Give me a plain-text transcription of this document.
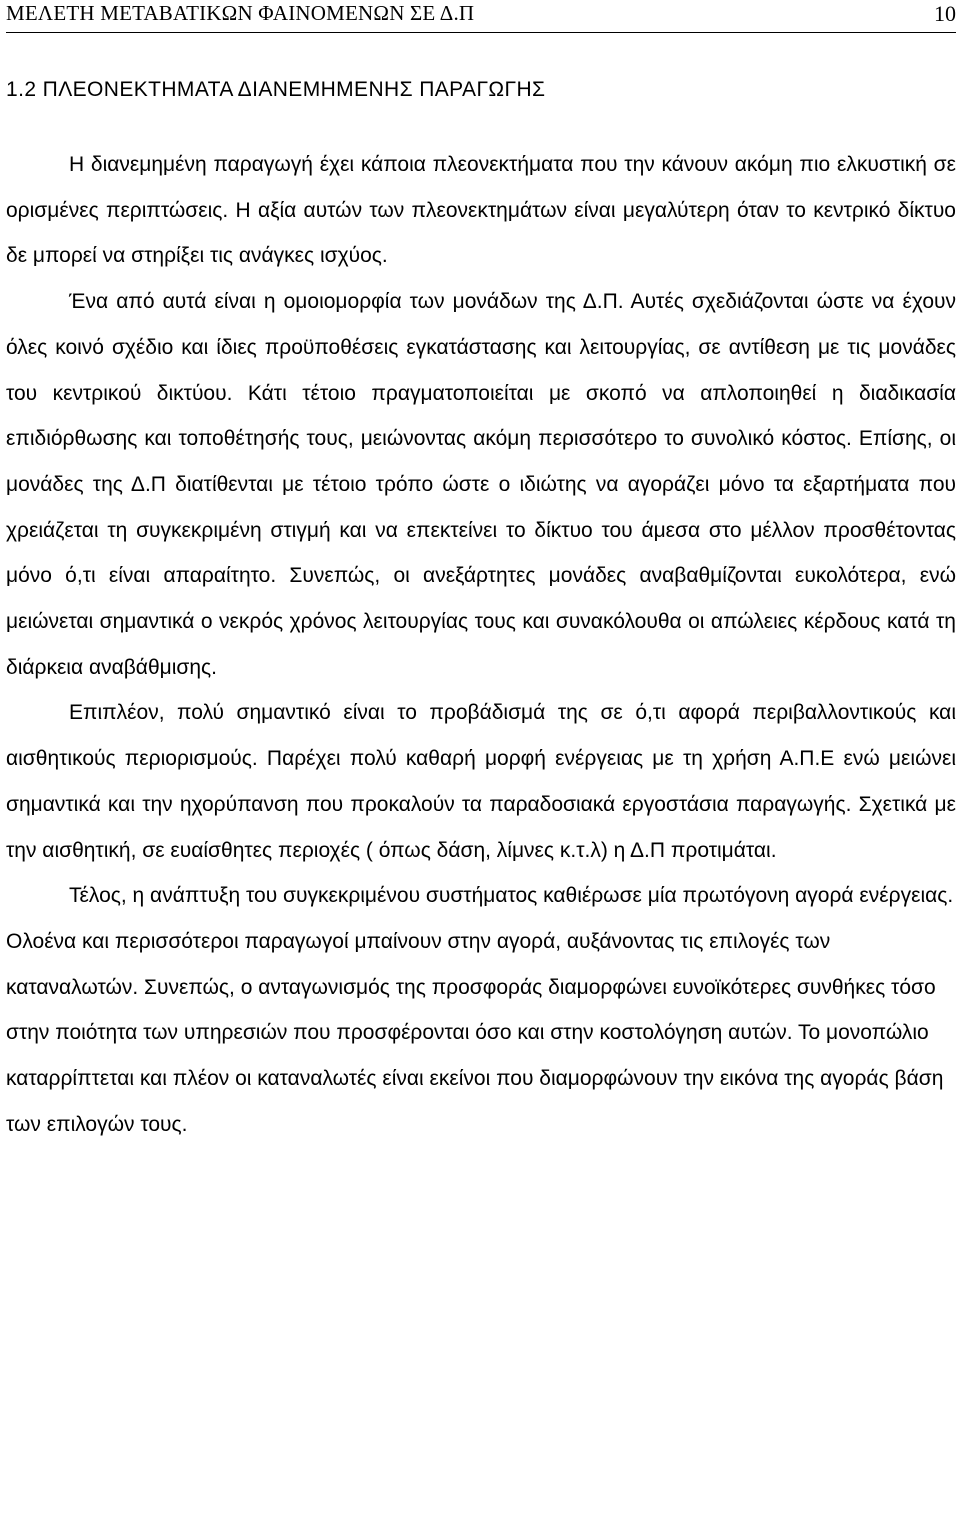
ΜΕΛΕΤΗ ΜΕΤΑΒΑΤΙΚΩΝ ΦΑΙΝΟΜΕΝΩΝ ΣΕ Δ.Π	10
1.2 ΠΛΕΟΝΕΚΤΗΜΑΤΑ ΔΙΑΝΕΜΗΜΕΝΗΣ ΠΑΡΑΓΩΓΗΣ

Η διανεμημένη παραγωγή έχει κάποια πλεονεκτήματα που την κάνουν ακόμη πιο ελκυστική σε ορισμένες περιπτώσεις. Η αξία αυτών των πλεονεκτημάτων είναι μεγαλύτερη όταν το κεντρικό δίκτυο δε μπορεί να στηρίξει τις ανάγκες ισχύος.

Ένα από αυτά είναι η ομοιομορφία των μονάδων της Δ.Π. Αυτές σχεδιάζονται ώστε να έχουν όλες κοινό σχέδιο και ίδιες προϋποθέσεις εγκατάστασης και λειτουργίας, σε αντίθεση με τις μονάδες του κεντρικού δικτύου. Κάτι τέτοιο πραγματοποιείται με σκοπό να απλοποιηθεί η διαδικασία επιδιόρθωσης και τοποθέτησής τους, μειώνοντας ακόμη περισσότερο το συνολικό κόστος. Επίσης, οι μονάδες της Δ.Π διατίθενται με τέτοιο τρόπο ώστε ο ιδιώτης να αγοράζει μόνο τα εξαρτήματα που χρειάζεται τη συγκεκριμένη στιγμή και να επεκτείνει το δίκτυο του άμεσα στο μέλλον προσθέτοντας μόνο ό,τι είναι απαραίτητο. Συνεπώς, οι ανεξάρτητες μονάδες αναβαθμίζονται ευκολότερα, ενώ μειώνεται σημαντικά ο νεκρός χρόνος λειτουργίας τους και συνακόλουθα οι απώλειες κέρδους κατά τη διάρκεια αναβάθμισης.

Επιπλέον, πολύ σημαντικό είναι το προβάδισμά της σε ό,τι αφορά περιβαλλοντικούς και αισθητικούς περιορισμούς. Παρέχει πολύ καθαρή μορφή ενέργειας με τη χρήση Α.Π.Ε ενώ μειώνει σημαντικά και την ηχορύπανση που προκαλούν τα παραδοσιακά εργοστάσια παραγωγής. Σχετικά με την αισθητική, σε ευαίσθητες περιοχές ( όπως δάση, λίμνες κ.τ.λ) η Δ.Π προτιμάται.

Τέλος, η ανάπτυξη του συγκεκριμένου συστήματος καθιέρωσε μία πρωτόγονη αγορά ενέργειας. Ολοένα και περισσότεροι παραγωγοί μπαίνουν στην αγορά, αυξάνοντας τις επιλογές των καταναλωτών. Συνεπώς, ο ανταγωνισμός της προσφοράς διαμορφώνει ευνοϊκότερες συνθήκες τόσο στην ποιότητα των υπηρεσιών που προσφέρονται όσο και στην κοστολόγηση αυτών. Το μονοπώλιο καταρρίπτεται και πλέον οι καταναλωτές είναι εκείνοι που διαμορφώνουν την εικόνα της αγοράς βάση των επιλογών τους.
